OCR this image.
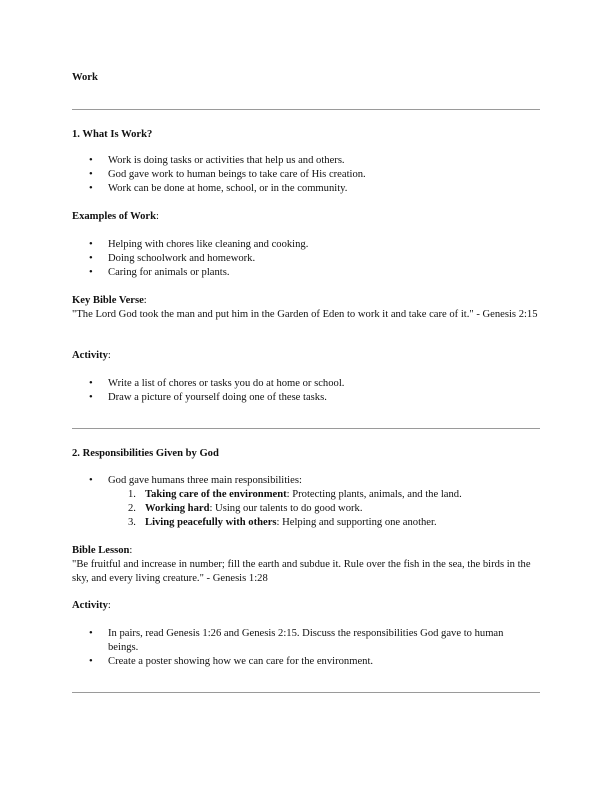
Work
1. What Is Work?
• Work is doing tasks or activities that help us and others.
• God gave work to human beings to take care of His creation.
• Work can be done at home, school, or in the community.
Examples of Work:
• Helping with chores like cleaning and cooking.
• Doing schoolwork and homework.
• Caring for animals or plants.
Key Bible Verse:
"The Lord God took the man and put him in the Garden of Eden to work it and take care of it." - Genesis 2:15
Activity:
• Write a list of chores or tasks you do at home or school.
• Draw a picture of yourself doing one of these tasks.
2. Responsibilities Given by God
• God gave humans three main responsibilities:
1. Taking care of the environment: Protecting plants, animals, and the land.
2. Working hard: Using our talents to do good work.
3. Living peacefully with others: Helping and supporting one another.
Bible Lesson:
"Be fruitful and increase in number; fill the earth and subdue it. Rule over the fish in the sea, the birds in the sky, and every living creature." - Genesis 1:28
Activity:
• In pairs, read Genesis 1:26 and Genesis 2:15. Discuss the responsibilities God gave to human beings.
• Create a poster showing how we can care for the environment.
